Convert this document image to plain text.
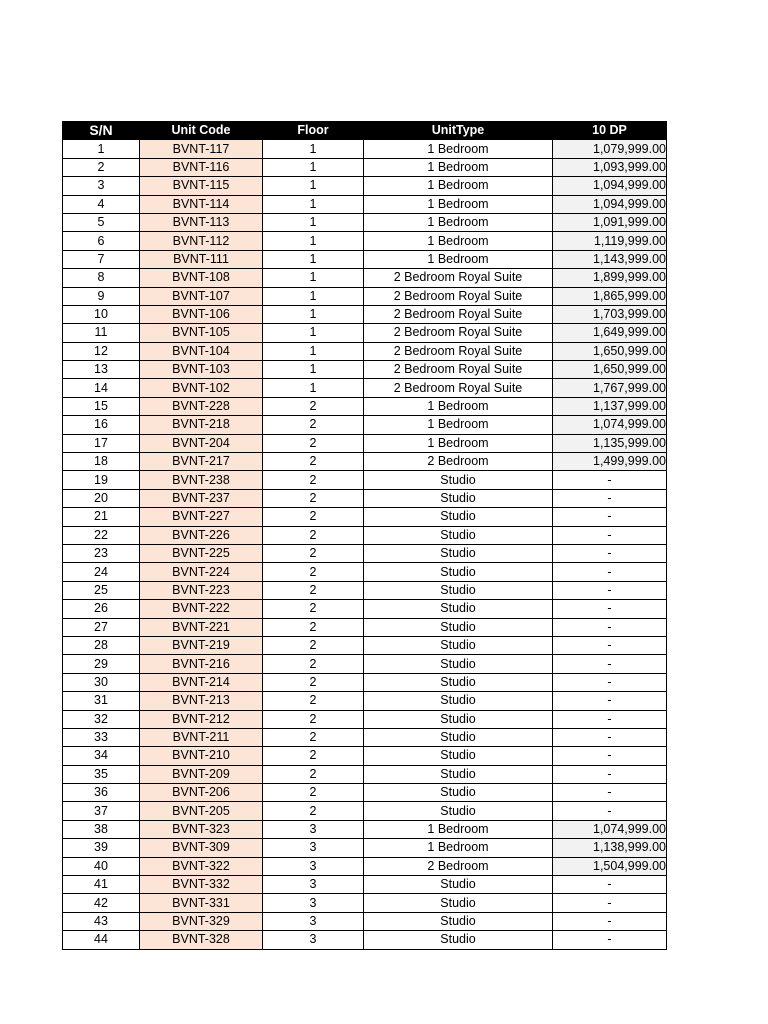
S/N	Unit Code	Floor	UnitType	10 DP
1	BVNT-117	1	1 Bedroom	1,079,999.00
2	BVNT-116	1	1 Bedroom	1,093,999.00
3	BVNT-115	1	1 Bedroom	1,094,999.00
4	BVNT-114	1	1 Bedroom	1,094,999.00
5	BVNT-113	1	1 Bedroom	1,091,999.00
6	BVNT-112	1	1 Bedroom	1,119,999.00
7	BVNT-111	1	1 Bedroom	1,143,999.00
8	BVNT-108	1	2 Bedroom Royal Suite	1,899,999.00
9	BVNT-107	1	2 Bedroom Royal Suite	1,865,999.00
10	BVNT-106	1	2 Bedroom Royal Suite	1,703,999.00
11	BVNT-105	1	2 Bedroom Royal Suite	1,649,999.00
12	BVNT-104	1	2 Bedroom Royal Suite	1,650,999.00
13	BVNT-103	1	2 Bedroom Royal Suite	1,650,999.00
14	BVNT-102	1	2 Bedroom Royal Suite	1,767,999.00
15	BVNT-228	2	1 Bedroom	1,137,999.00
16	BVNT-218	2	1 Bedroom	1,074,999.00
17	BVNT-204	2	1 Bedroom	1,135,999.00
18	BVNT-217	2	2 Bedroom	1,499,999.00
19	BVNT-238	2	Studio	-
20	BVNT-237	2	Studio	-
21	BVNT-227	2	Studio	-
22	BVNT-226	2	Studio	-
23	BVNT-225	2	Studio	-
24	BVNT-224	2	Studio	-
25	BVNT-223	2	Studio	-
26	BVNT-222	2	Studio	-
27	BVNT-221	2	Studio	-
28	BVNT-219	2	Studio	-
29	BVNT-216	2	Studio	-
30	BVNT-214	2	Studio	-
31	BVNT-213	2	Studio	-
32	BVNT-212	2	Studio	-
33	BVNT-211	2	Studio	-
34	BVNT-210	2	Studio	-
35	BVNT-209	2	Studio	-
36	BVNT-206	2	Studio	-
37	BVNT-205	2	Studio	-
38	BVNT-323	3	1 Bedroom	1,074,999.00
39	BVNT-309	3	1 Bedroom	1,138,999.00
40	BVNT-322	3	2 Bedroom	1,504,999.00
41	BVNT-332	3	Studio	-
42	BVNT-331	3	Studio	-
43	BVNT-329	3	Studio	-
44	BVNT-328	3	Studio	-
